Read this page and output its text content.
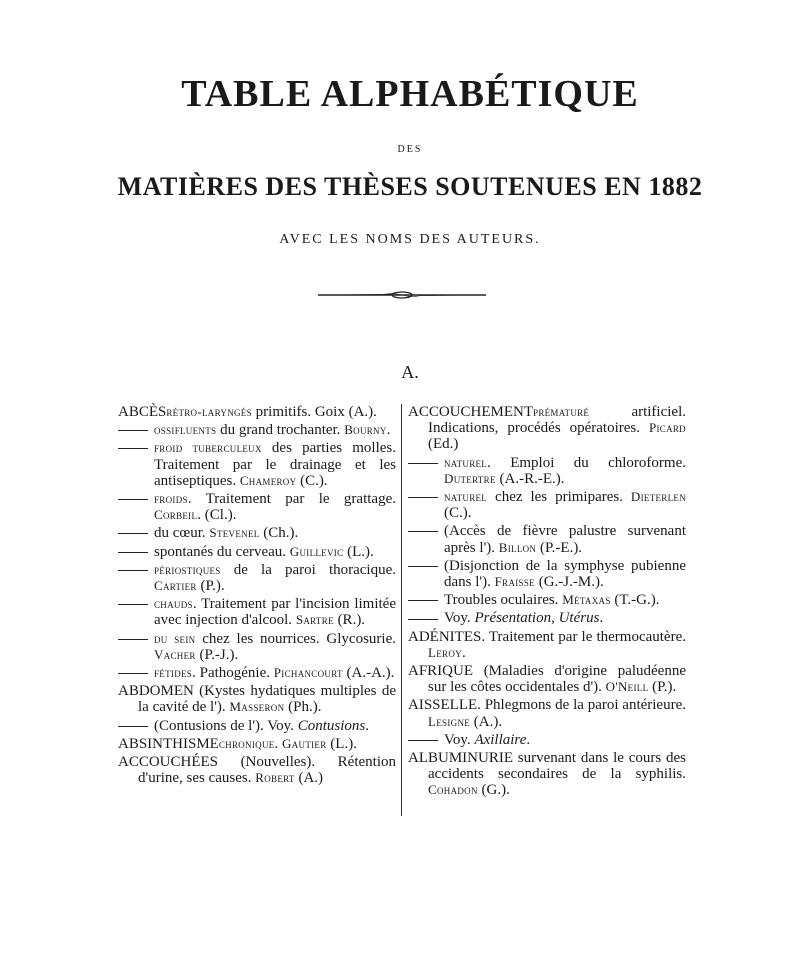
TABLE ALPHABÉTIQUE
DES
MATIÈRES DES THÈSES SOUTENUES EN 1882
AVEC LES NOMS DES AUTEURS.
A.
ABCÈSrétro-laryngés primitifs. Goix (A.).
ossifluents du grand trochanter. Bourny.
froid tuberculeux des parties molles. Traitement par le drainage et les antiseptiques. Chameroy (C.).
froids. Traitement par le grattage. Corbeil. (Cl.).
du cœur. Stevenel (Ch.).
spontanés du cerveau. Guillevic (L.).
périostiques de la paroi thoracique. Cartier (P.).
chauds. Traitement par l'incision limitée avec injection d'alcool. Sartre (R.).
du sein chez les nourrices. Glycosurie. Vacher (P.-J.).
fétides. Pathogénie. Pichancourt (A.-A.).
ABDOMEN (Kystes hydatiques multiples de la cavité de l'). Masseron (Ph.).
(Contusions de l'). Voy. Contusions.
ABSINTHISMEchronique. Gautier (L.).
ACCOUCHÉES (Nouvelles). Rétention d'urine, ses causes. Robert (A.)
ACCOUCHEMENTprématuré artificiel. Indications, procédés opératoires. Picard (Ed.)
naturel. Emploi du chloroforme. Dutertre (A.-R.-E.).
naturel chez les primipares. Dieterlen (C.).
(Accès de fièvre palustre survenant après l'). Billon (P.-E.).
(Disjonction de la symphyse pubienne dans l'). Fraisse (G.-J.-M.).
Troubles oculaires. Métaxas (T.-G.).
Voy. Présentation, Utérus.
ADÉNITES. Traitement par le thermocautère. Leroy.
AFRIQUE (Maladies d'origine paludéenne sur les côtes occidentales d'). O'Neill (P.).
AISSELLE. Phlegmons de la paroi antérieure. Lesigne (A.).
Voy. Axillaire.
ALBUMINURIE survenant dans le cours des accidents secondaires de la syphilis. Cohadon (G.).
